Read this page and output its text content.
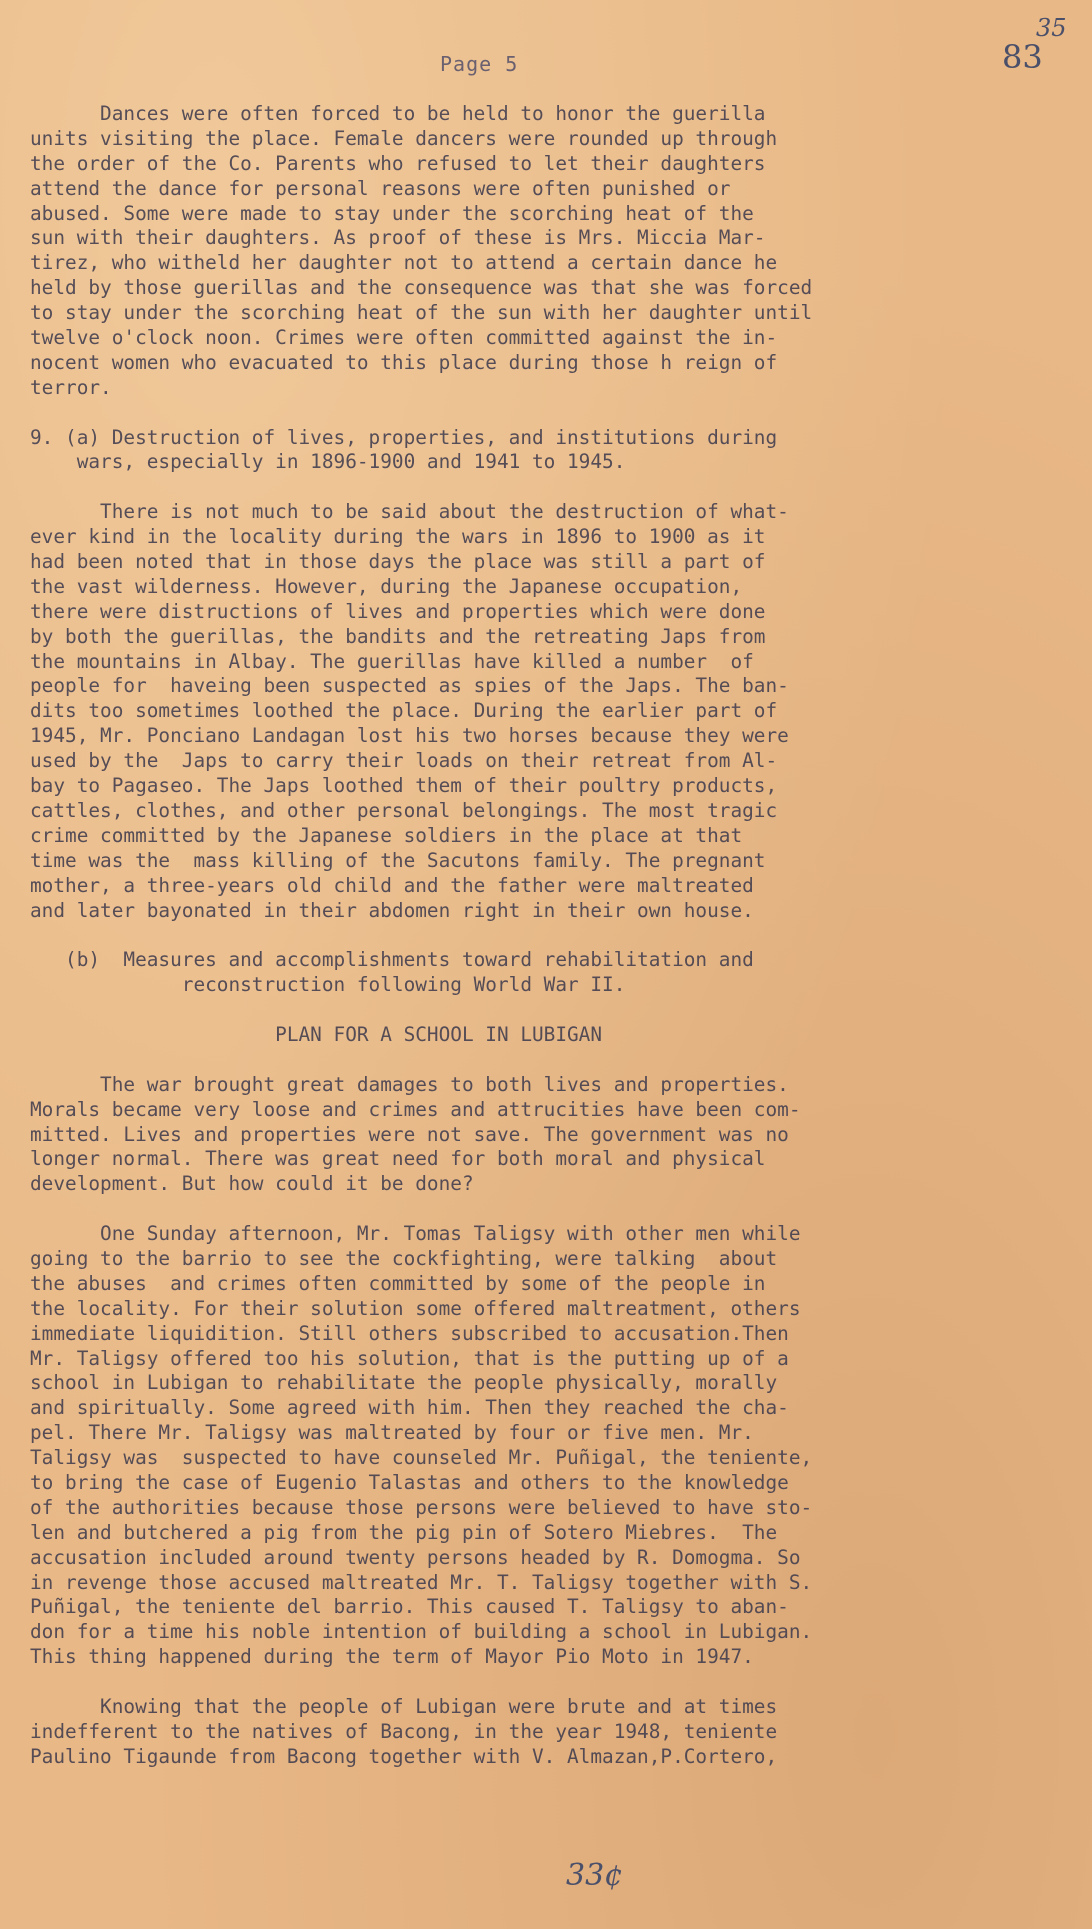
Page 5	83
35
Dances were often forced to be held to honor the guerilla
units visiting the place. Female dancers were rounded up through
the order of the Co. Parents who refused to let their daughters
attend the dance for personal reasons were often punished or
abused. Some were made to stay under the scorching heat of the
sun with their daughters. As proof of these is Mrs. Miccia Mar-
tirez, who witheld her daughter not to attend a certain dance he
held by those guerillas and the consequence was that she was forced
to stay under the scorching heat of the sun with her daughter until
twelve o'clock noon. Crimes were often committed against the in-
nocent women who evacuated to this place during those h reign of
terror.
9. (a) Destruction of lives, properties, and institutions during
wars, especially in 1896-1900 and 1941 to 1945.
There is not much to be said about the destruction of what-
ever kind in the locality during the wars in 1896 to 1900 as it
had been noted that in those days the place was still a part of
the vast wilderness. However, during the Japanese occupation,
there were distructions of lives and properties which were done
by both the guerillas, the bandits and the retreating Japs from
the mountains in Albay. The guerillas have killed a number  of
people for  haveing been suspected as spies of the Japs. The ban-
dits too sometimes loothed the place. During the earlier part of
1945, Mr. Ponciano Landagan lost his two horses because they were
used by the  Japs to carry their loads on their retreat from Al-
bay to Pagaseo. The Japs loothed them of their poultry products,
cattles, clothes, and other personal belongings. The most tragic
crime committed by the Japanese soldiers in the place at that
time was the  mass killing of the Sacutons family. The pregnant
mother, a three-years old child and the father were maltreated
and later bayonated in their abdomen right in their own house.
(b)  Measures and accomplishments toward rehabilitation and
reconstruction following World War II.
PLAN FOR A SCHOOL IN LUBIGAN
The war brought great damages to both lives and properties.
Morals became very loose and crimes and attrucities have been com-
mitted. Lives and properties were not save. The government was no
longer normal. There was great need for both moral and physical
development. But how could it be done?
One Sunday afternoon, Mr. Tomas Taligsy with other men while
going to the barrio to see the cockfighting, were talking  about
the abuses  and crimes often committed by some of the people in
the locality. For their solution some offered maltreatment, others
immediate liquidition. Still others subscribed to accusation.Then
Mr. Taligsy offered too his solution, that is the putting up of a
school in Lubigan to rehabilitate the people physically, morally
and spiritually. Some agreed with him. Then they reached the cha-
pel. There Mr. Taligsy was maltreated by four or five men. Mr.
Taligsy was  suspected to have counseled Mr. Puñigal, the teniente,
to bring the case of Eugenio Talastas and others to the knowledge
of the authorities because those persons were believed to have sto-
len and butchered a pig from the pig pin of Sotero Miebres.  The
accusation included around twenty persons headed by R. Domogma. So
in revenge those accused maltreated Mr. T. Taligsy together with S.
Puñigal, the teniente del barrio. This caused T. Taligsy to aban-
don for a time his noble intention of building a school in Lubigan.
This thing happened during the term of Mayor Pio Moto in 1947.
Knowing that the people of Lubigan were brute and at times
indefferent to the natives of Bacong, in the year 1948, teniente
Paulino Tigaunde from Bacong together with V. Almazan,P.Cortero,
33¢
